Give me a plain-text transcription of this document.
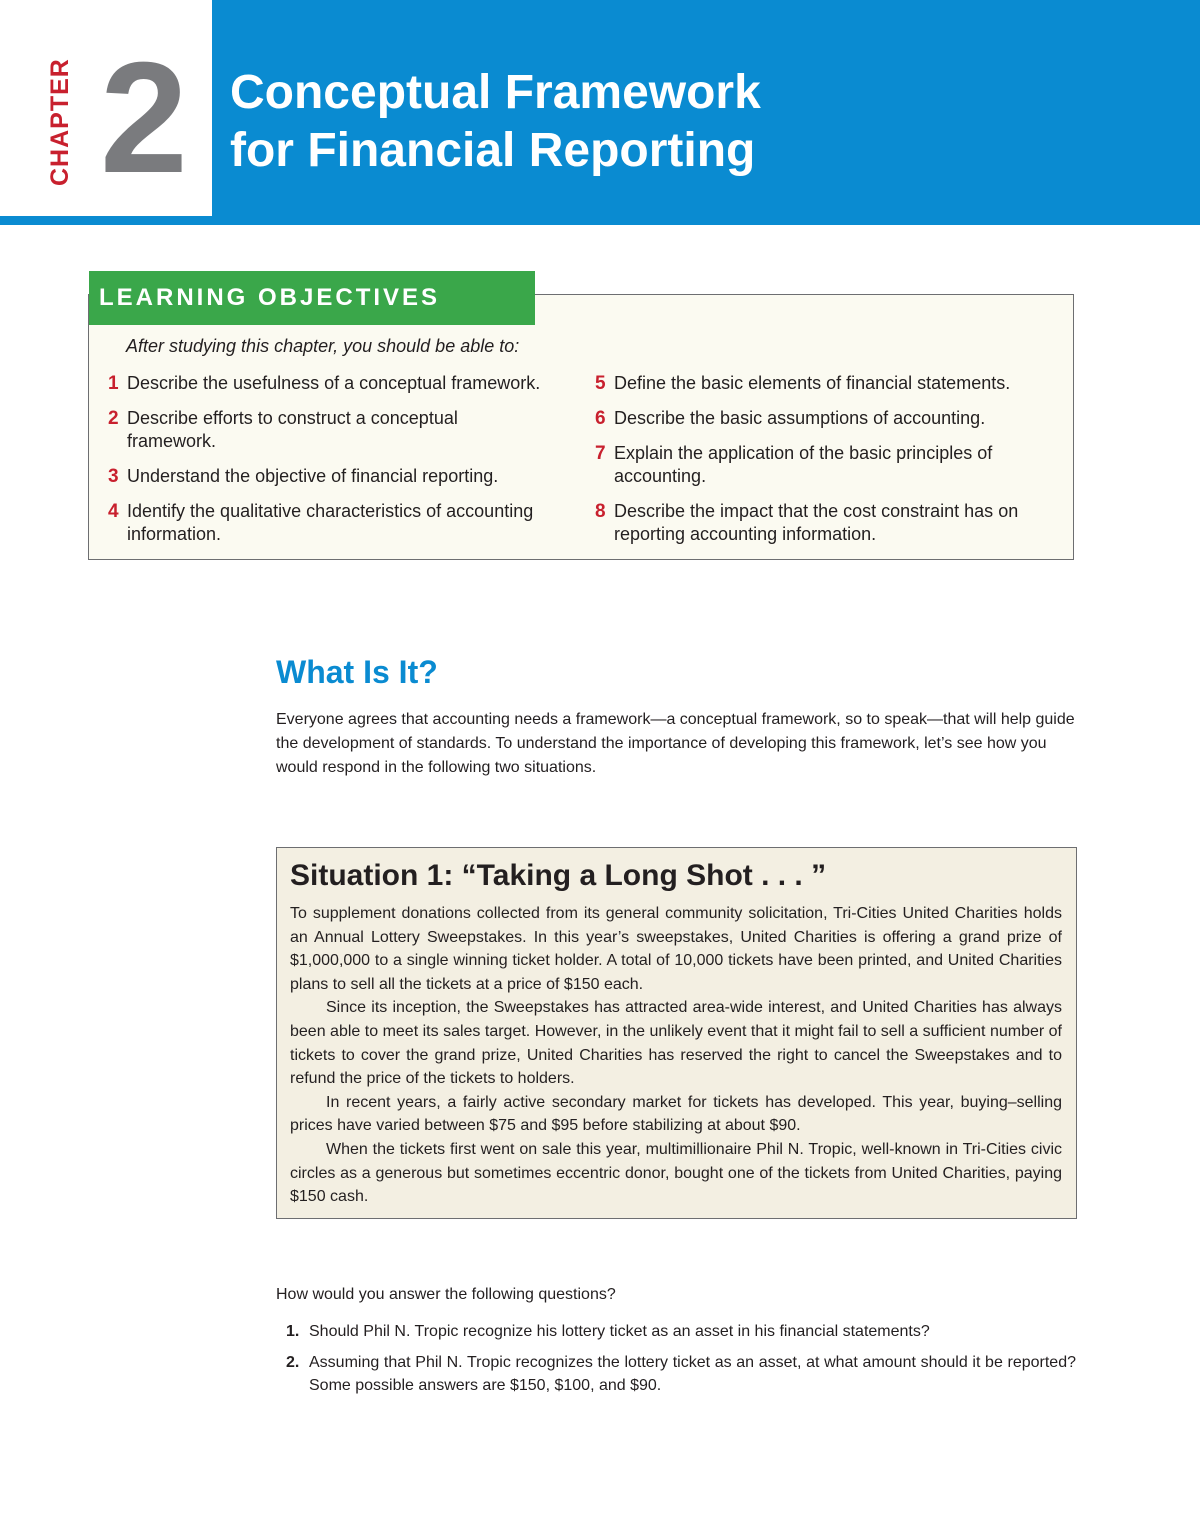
CHAPTER 2 Conceptual Framework
for Financial Reporting
LEARNING OBJECTIVES
After studying this chapter, you should be able to:
1 Describe the usefulness of a conceptual framework.
2 Describe efforts to construct a conceptual framework.
3 Understand the objective of financial reporting.
4 Identify the qualitative characteristics of accounting information.
5 Define the basic elements of financial statements.
6 Describe the basic assumptions of accounting.
7 Explain the application of the basic principles of accounting.
8 Describe the impact that the cost constraint has on reporting accounting information.
What Is It?

Everyone agrees that accounting needs a framework—a conceptual framework, so to speak—that will help guide the development of standards. To understand the importance of developing this framework, let’s see how you would respond in the following two situations.

Situation 1: “Taking a Long Shot . . . ”

To supplement donations collected from its general community solicitation, Tri-Cities United Charities holds an Annual Lottery Sweepstakes. In this year’s sweepstakes, United Charities is offering a grand prize of $1,000,000 to a single winning ticket holder. A total of 10,000 tickets have been printed, and United Charities plans to sell all the tickets at a price of $150 each.

Since its inception, the Sweepstakes has attracted area-wide interest, and United Charities has always been able to meet its sales target. However, in the unlikely event that it might fail to sell a sufficient number of tickets to cover the grand prize, United Charities has reserved the right to cancel the Sweepstakes and to refund the price of the tickets to holders.

In recent years, a fairly active secondary market for tickets has developed. This year, buying–selling prices have varied between $75 and $95 before stabilizing at about $90.

When the tickets first went on sale this year, multimillionaire Phil N. Tropic, well-known in Tri-Cities civic circles as a generous but sometimes eccentric donor, bought one of the tickets from United Charities, paying $150 cash.

How would you answer the following questions?
1. Should Phil N. Tropic recognize his lottery ticket as an asset in his financial statements?
2. Assuming that Phil N. Tropic recognizes the lottery ticket as an asset, at what amount should it be reported? Some possible answers are $150, $100, and $90.
